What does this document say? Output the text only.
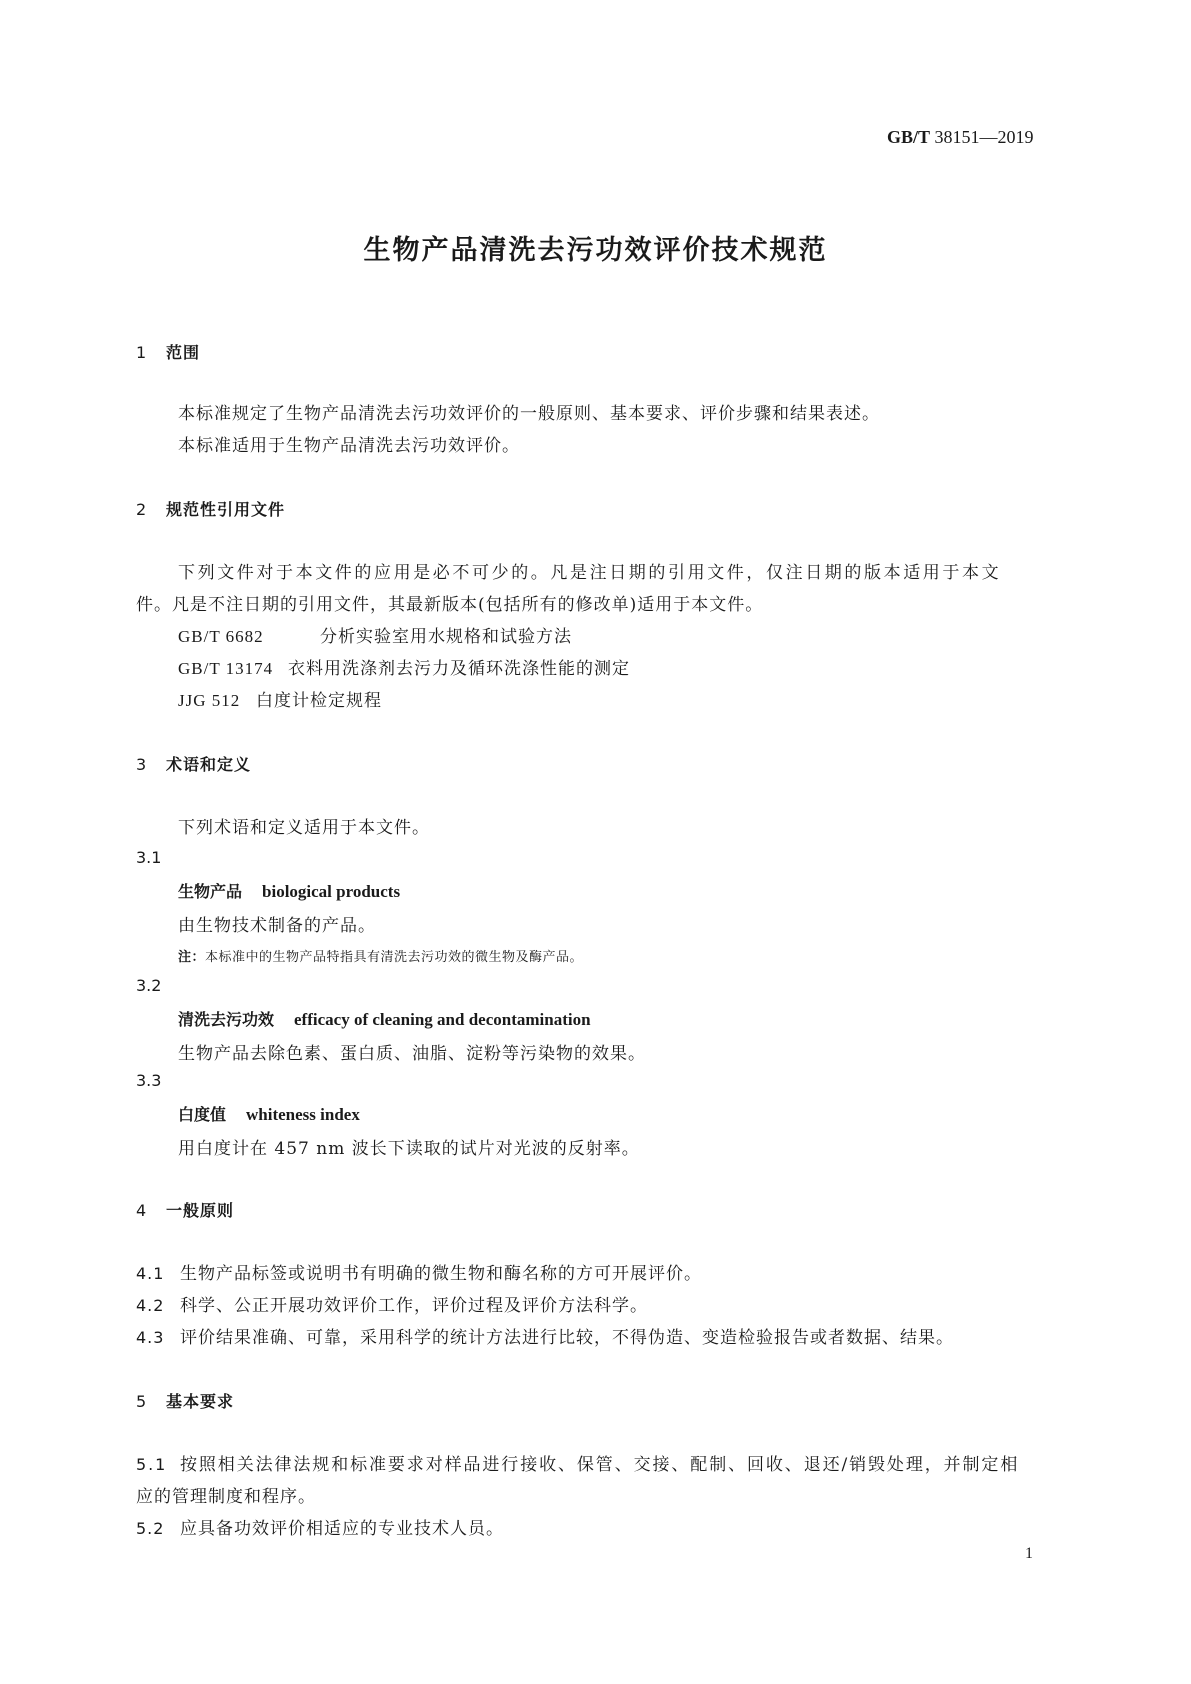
GB/T 38151—2019
生物产品清洗去污功效评价技术规范
1 范围
本标准规定了生物产品清洗去污功效评价的一般原则、基本要求、评价步骤和结果表述。
本标准适用于生物产品清洗去污功效评价。
2 规范性引用文件
下列文件对于本文件的应用是必不可少的。凡是注日期的引用文件，仅注日期的版本适用于本文
件。凡是不注日期的引用文件，其最新版本(包括所有的修改单)适用于本文件。
GB/T 6682	分析实验室用水规格和试验方法
GB/T 13174 衣料用洗涤剂去污力及循环洗涤性能的测定
JJG 512 白度计检定规程
3 术语和定义
下列术语和定义适用于本文件。
3.1
生物产品 biological products
由生物技术制备的产品。
注：本标准中的生物产品特指具有清洗去污功效的微生物及酶产品。
3.2
清洗去污功效 efficacy of cleaning and decontamination
生物产品去除色素、蛋白质、油脂、淀粉等污染物的效果。
3.3
白度值 whiteness index
用白度计在 457 nm 波长下读取的试片对光波的反射率。
4 一般原则
4.1 生物产品标签或说明书有明确的微生物和酶名称的方可开展评价。
4.2 科学、公正开展功效评价工作，评价过程及评价方法科学。
4.3 评价结果准确、可靠，采用科学的统计方法进行比较，不得伪造、变造检验报告或者数据、结果。
5 基本要求
5.1 按照相关法律法规和标准要求对样品进行接收、保管、交接、配制、回收、退还/销毁处理，并制定相
应的管理制度和程序。
5.2 应具备功效评价相适应的专业技术人员。
1
